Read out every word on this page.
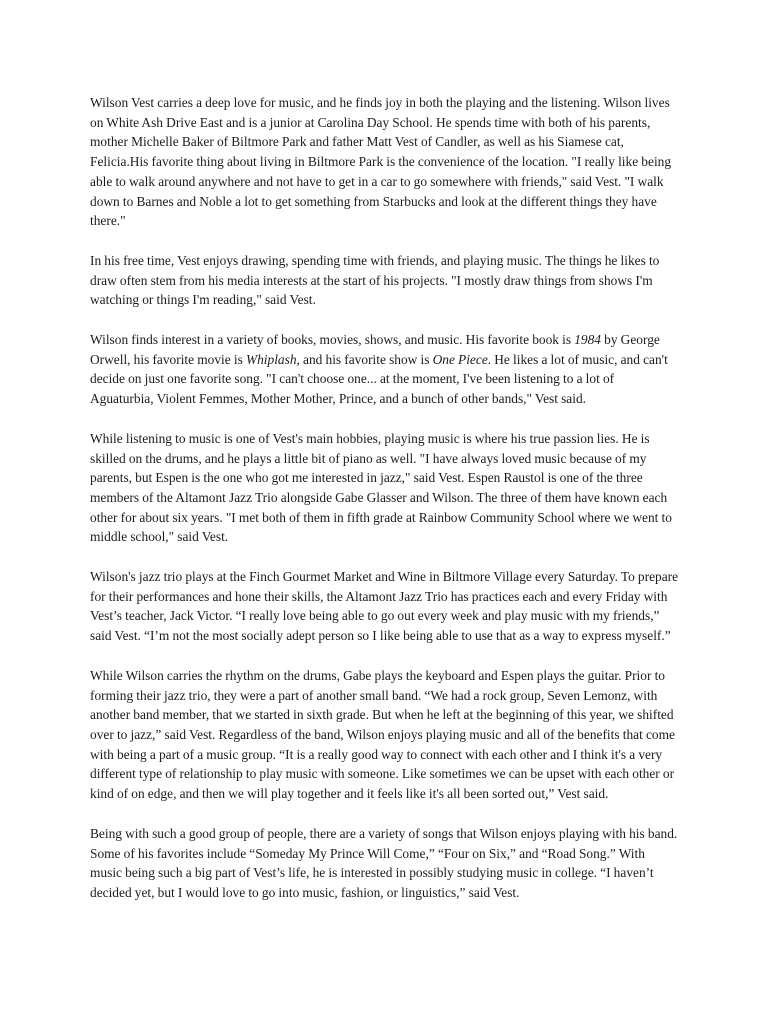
Wilson Vest carries a deep love for music, and he finds joy in both the playing and the listening. Wilson lives on White Ash Drive East and is a junior at Carolina Day School. He spends time with both of his parents, mother Michelle Baker of Biltmore Park and father Matt Vest of Candler, as well as his Siamese cat, Felicia.His favorite thing about living in Biltmore Park is the convenience of the location. "I really like being able to walk around anywhere and not have to get in a car to go somewhere with friends," said Vest. "I walk down to Barnes and Noble a lot to get something from Starbucks and look at the different things they have there."

In his free time, Vest enjoys drawing, spending time with friends, and playing music. The things he likes to draw often stem from his media interests at the start of his projects. "I mostly draw things from shows I'm watching or things I'm reading," said Vest.

Wilson finds interest in a variety of books, movies, shows, and music. His favorite book is 1984 by George Orwell, his favorite movie is Whiplash, and his favorite show is One Piece. He likes a lot of music, and can't decide on just one favorite song. "I can't choose one... at the moment, I've been listening to a lot of Aguaturbia, Violent Femmes, Mother Mother, Prince, and a bunch of other bands," Vest said.

While listening to music is one of Vest's main hobbies, playing music is where his true passion lies. He is skilled on the drums, and he plays a little bit of piano as well. "I have always loved music because of my parents, but Espen is the one who got me interested in jazz," said Vest. Espen Raustol is one of the three members of the Altamont Jazz Trio alongside Gabe Glasser and Wilson. The three of them have known each other for about six years. "I met both of them in fifth grade at Rainbow Community School where we went to middle school," said Vest.

Wilson's jazz trio plays at the Finch Gourmet Market and Wine in Biltmore Village every Saturday. To prepare for their performances and hone their skills, the Altamont Jazz Trio has practices each and every Friday with Vest’s teacher, Jack Victor. “I really love being able to go out every week and play music with my friends,” said Vest. “I’m not the most socially adept person so I like being able to use that as a way to express myself.”

While Wilson carries the rhythm on the drums, Gabe plays the keyboard and Espen plays the guitar. Prior to forming their jazz trio, they were a part of another small band. “We had a rock group, Seven Lemonz, with another band member, that we started in sixth grade. But when he left at the beginning of this year, we shifted over to jazz,” said Vest. Regardless of the band, Wilson enjoys playing music and all of the benefits that come with being a part of a music group. “It is a really good way to connect with each other and I think it's a very different type of relationship to play music with someone. Like sometimes we can be upset with each other or kind of on edge, and then we will play together and it feels like it's all been sorted out,” Vest said.

Being with such a good group of people, there are a variety of songs that Wilson enjoys playing with his band. Some of his favorites include “Someday My Prince Will Come,” “Four on Six,” and “Road Song.” With music being such a big part of Vest’s life, he is interested in possibly studying music in college. “I haven’t decided yet, but I would love to go into music, fashion, or linguistics,” said Vest.
